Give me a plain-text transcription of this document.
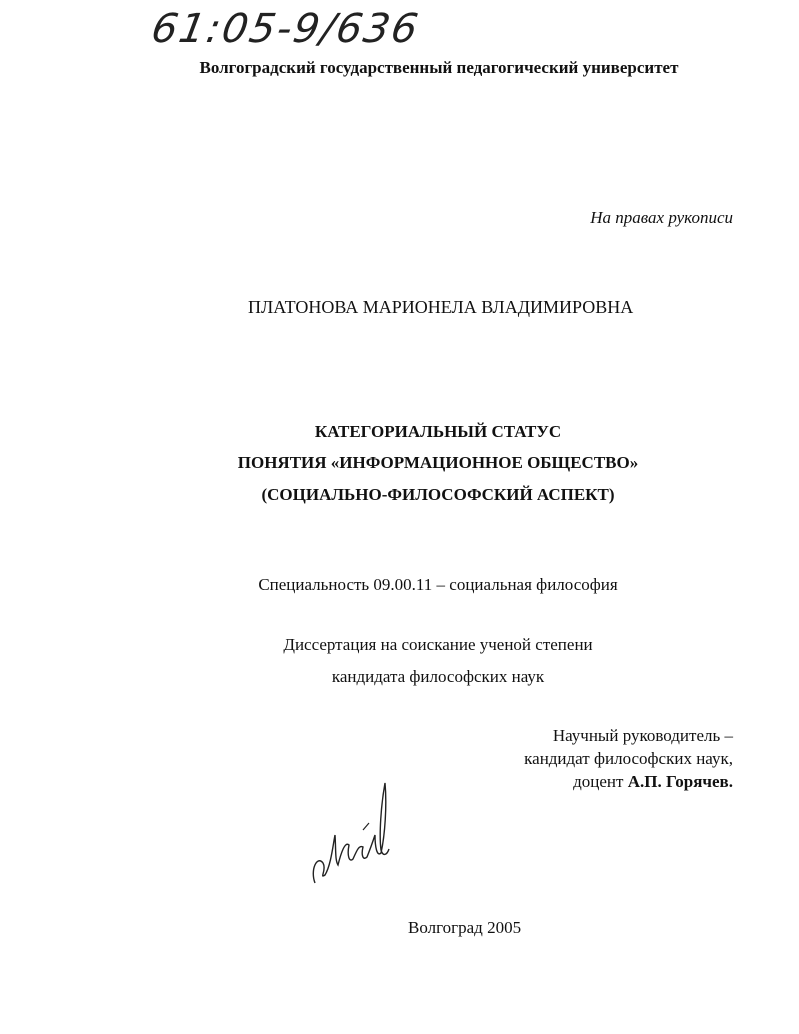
61:05-9/636
Волгоградский государственный педагогический университет
На правах рукописи
ПЛАТОНОВА МАРИОНЕЛА ВЛАДИМИРОВНА
КАТЕГОРИАЛЬНЫЙ СТАТУС
ПОНЯТИЯ «ИНФОРМАЦИОННОЕ ОБЩЕСТВО»
(СОЦИАЛЬНО-ФИЛОСОФСКИЙ АСПЕКТ)
Специальность 09.00.11 – социальная философия
Диссертация на соискание ученой степени
кандидата философских наук
Научный руководитель –
кандидат философских наук,
доцент А.П. Горячев.
Волгоград 2005
